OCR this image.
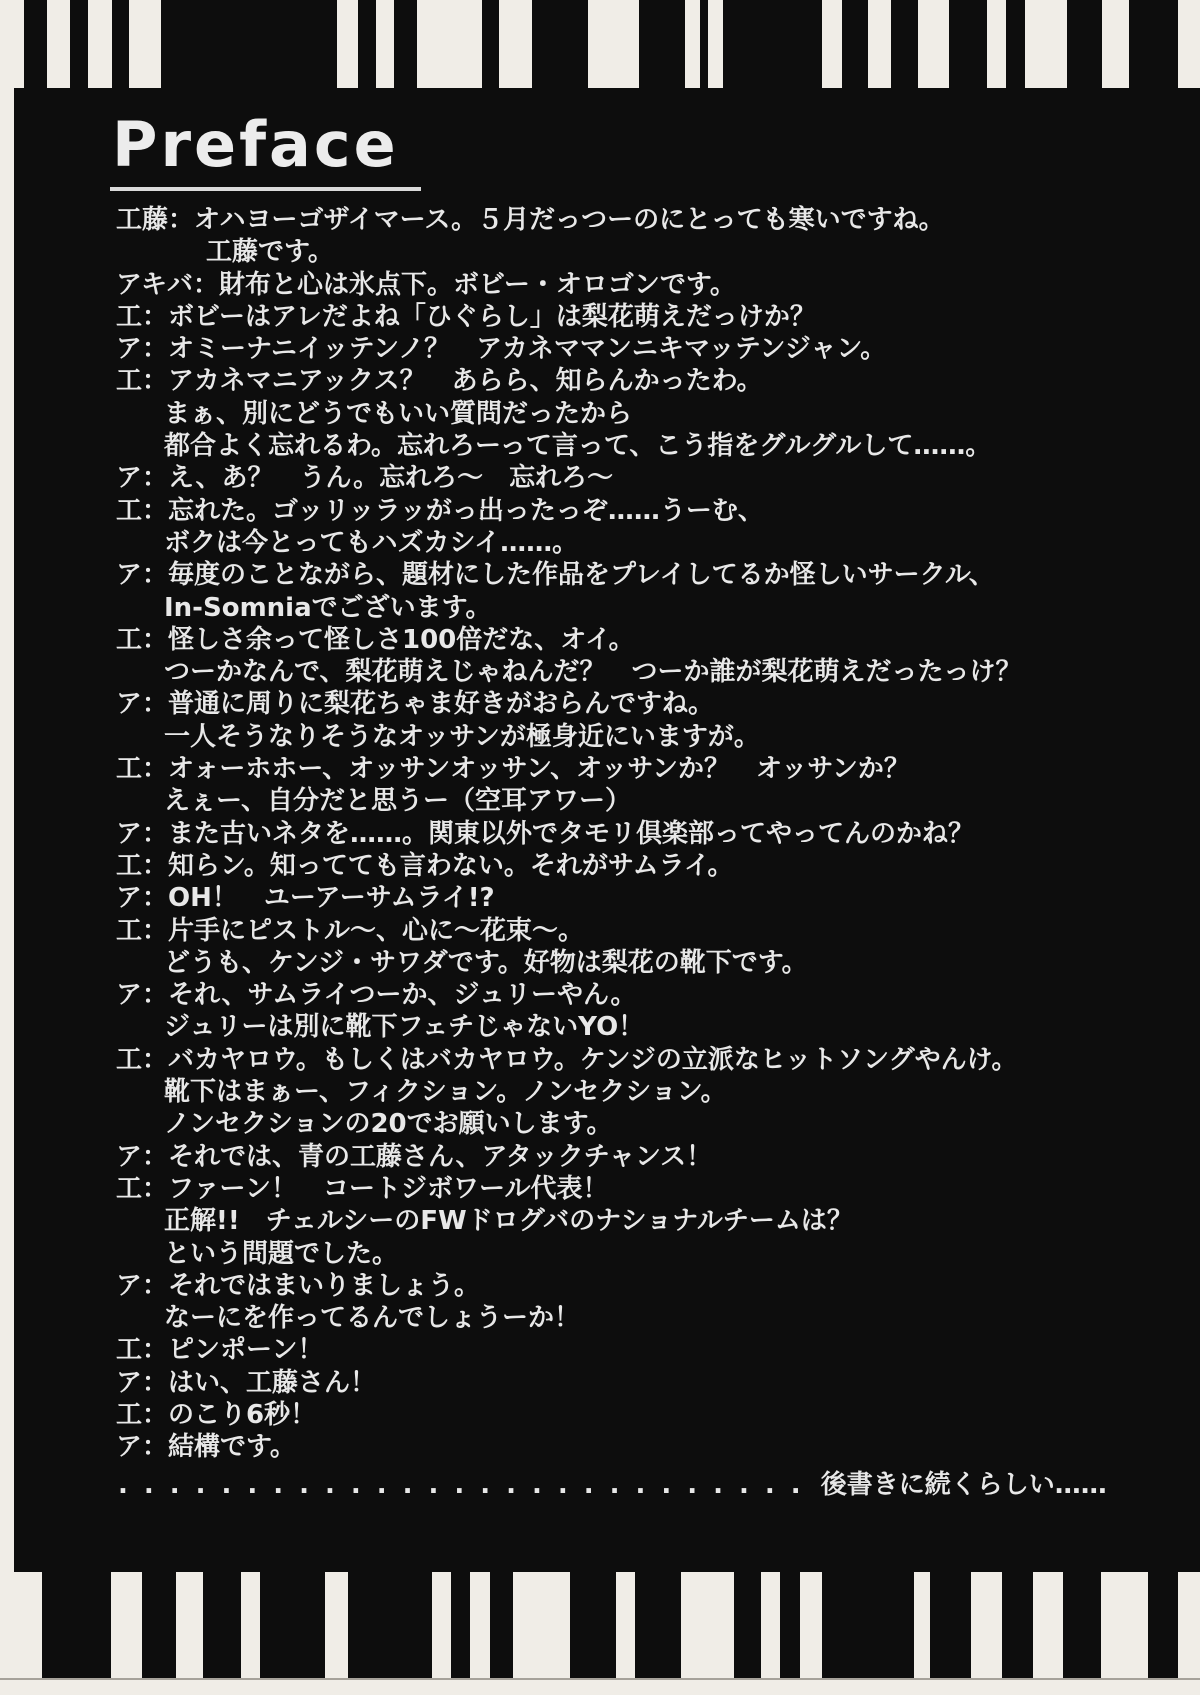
Preface
工藤：オハヨーゴザイマース。５月だっつーのにとっても寒いですね。
工藤です。
アキバ：財布と心は氷点下。ボビー・オロゴンです。
工：ボビーはアレだよね「ひぐらし」は梨花萌えだっけか？
ア：オミーナニイッテンノ？　アカネママンニキマッテンジャン。
工：アカネマニアックス？　あらら、知らんかったわ。
まぁ、別にどうでもいい質問だったから
都合よく忘れるわ。忘れろーって言って、こう指をグルグルして……。
ア：え、あ？　うん。忘れろ～　忘れろ～
工：忘れた。ゴッリッラッがっ出ったっぞ……うーむ、
ボクは今とってもハズカシイ……。
ア：毎度のことながら、題材にした作品をプレイしてるか怪しいサークル、
In-Somniaでございます。
工：怪しさ余って怪しさ100倍だな、オイ。
つーかなんで、梨花萌えじゃねんだ？　つーか誰が梨花萌えだったっけ？
ア：普通に周りに梨花ちゃま好きがおらんですね。
一人そうなりそうなオッサンが極身近にいますが。
工：オォーホホー、オッサンオッサン、オッサンか？　オッサンか？
えぇー、自分だと思うー（空耳アワー）
ア：また古いネタを……。関東以外でタモリ倶楽部ってやってんのかね？
工：知らン。知ってても言わない。それがサムライ。
ア：OH！　ユーアーサムライ!?
工：片手にピストル～、心に～花束～。
どうも、ケンジ・サワダです。好物は梨花の靴下です。
ア：それ、サムライつーか、ジュリーやん。
ジュリーは別に靴下フェチじゃないYO！
工：バカヤロウ。もしくはバカヤロウ。ケンジの立派なヒットソングやんけ。
靴下はまぁー、フィクション。ノンセクション。
ノンセクションの20でお願いします。
ア：それでは、青の工藤さん、アタックチャンス！
工：ファーン！　コートジボワール代表！
正解!!　チェルシーのFWドログバのナショナルチームは？
という問題でした。
ア：それではまいりましょう。
なーにを作ってるんでしょうーか！
工：ピンポーン！
ア：はい、工藤さん！
工：のこり6秒！
ア：結構です。
........................... 後書きに続くらしい……
